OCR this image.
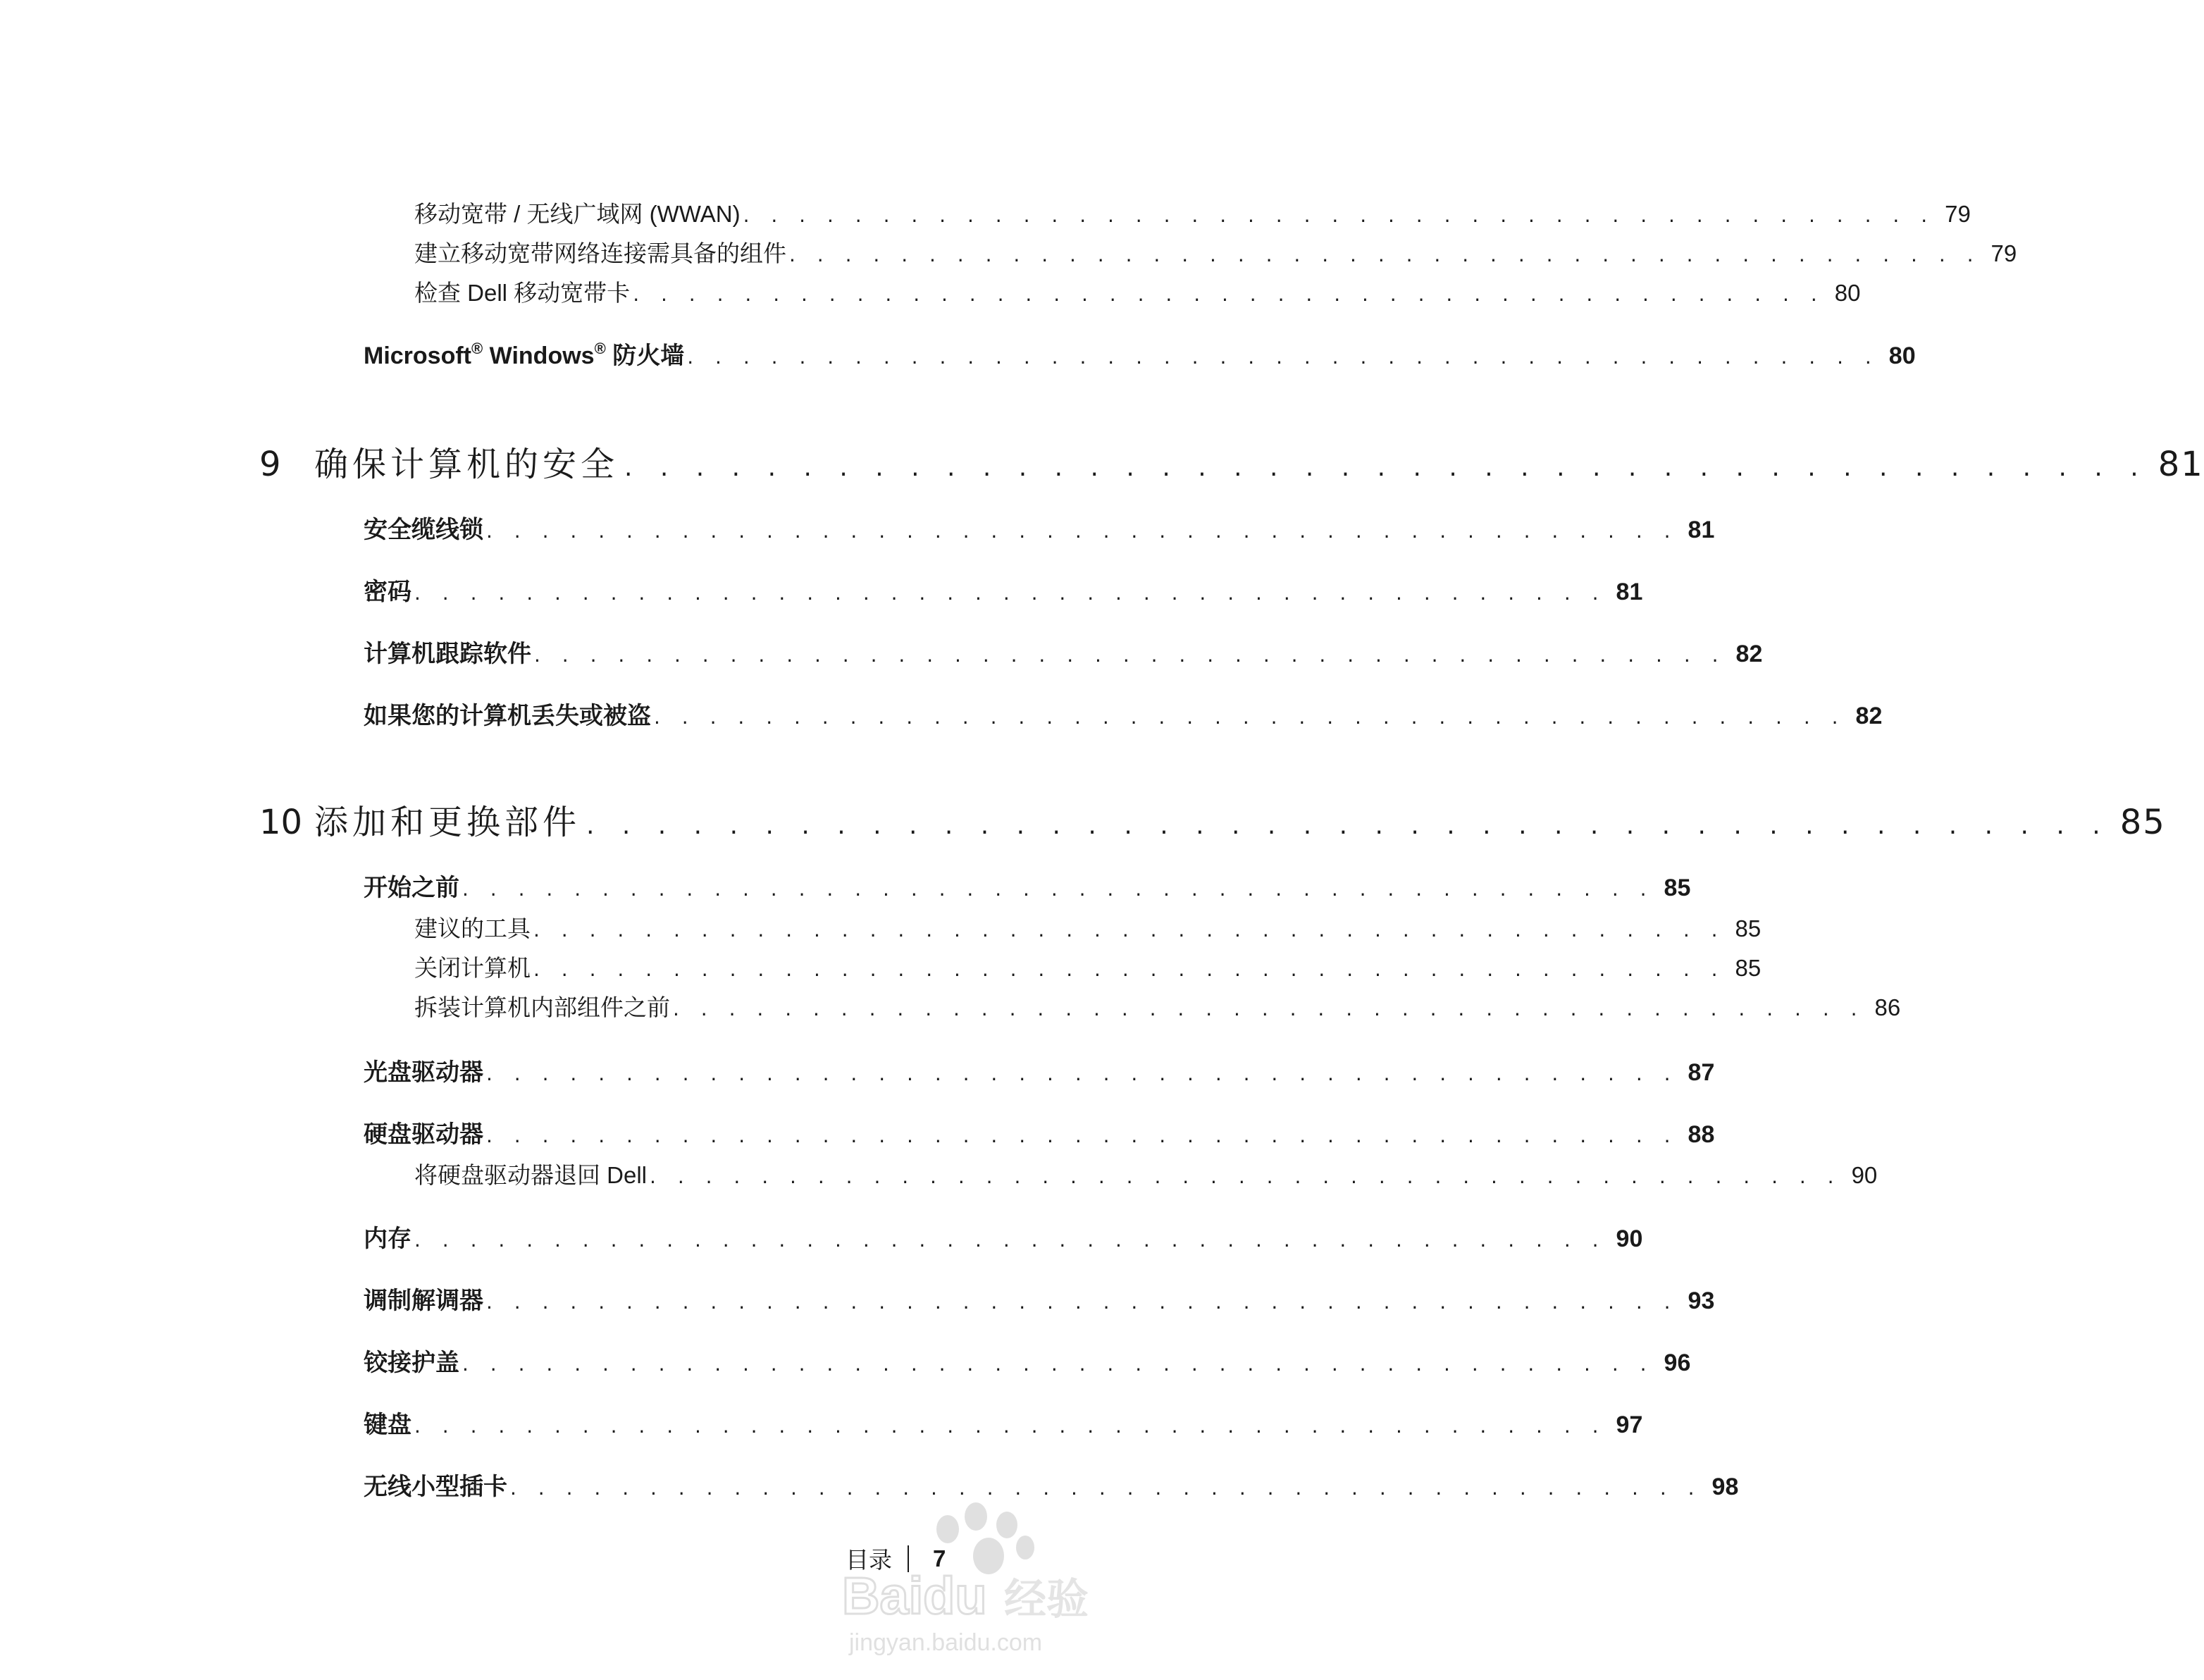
移动宽带 / 无线广域网 (WWAN) . . . . . . . . . . . . . . . . . . . . . . . . . . . . . . . . . . . . . . . . . . . 79
建立移动宽带网络连接需具备的组件 . . . . . . . . . . . . . . . . . . . . . . . . . . . . . . . . . . . . . . . . . . . 79
检查 Dell 移动宽带卡 . . . . . . . . . . . . . . . . . . . . . . . . . . . . . . . . . . . . . . . . . . . 80
Microsoft® Windows® 防火墙 . . . . . . . . . . . . . . . . . . . . . . . . . . . . . . . . . . . . . . . . . . . 80
9 确保计算机的安全 . . . . . . . . . . . . . . . . . . . . . . . . . . . . . . . . . . . . . . . . . . . 81
安全缆线锁 . . . . . . . . . . . . . . . . . . . . . . . . . . . . . . . . . . . . . . . . . . . 81
密码 . . . . . . . . . . . . . . . . . . . . . . . . . . . . . . . . . . . . . . . . . . . 81
计算机跟踪软件 . . . . . . . . . . . . . . . . . . . . . . . . . . . . . . . . . . . . . . . . . . . 82
如果您的计算机丢失或被盗 . . . . . . . . . . . . . . . . . . . . . . . . . . . . . . . . . . . . . . . . . . . 82
10 添加和更换部件 . . . . . . . . . . . . . . . . . . . . . . . . . . . . . . . . . . . . . . . . . . . 85
开始之前 . . . . . . . . . . . . . . . . . . . . . . . . . . . . . . . . . . . . . . . . . . . 85
建议的工具 . . . . . . . . . . . . . . . . . . . . . . . . . . . . . . . . . . . . . . . . . . . 85
关闭计算机 . . . . . . . . . . . . . . . . . . . . . . . . . . . . . . . . . . . . . . . . . . . 85
拆装计算机内部组件之前 . . . . . . . . . . . . . . . . . . . . . . . . . . . . . . . . . . . . . . . . . . . 86
光盘驱动器 . . . . . . . . . . . . . . . . . . . . . . . . . . . . . . . . . . . . . . . . . . . 87
硬盘驱动器 . . . . . . . . . . . . . . . . . . . . . . . . . . . . . . . . . . . . . . . . . . . 88
将硬盘驱动器退回 Dell . . . . . . . . . . . . . . . . . . . . . . . . . . . . . . . . . . . . . . . . . . . 90
内存 . . . . . . . . . . . . . . . . . . . . . . . . . . . . . . . . . . . . . . . . . . . 90
调制解调器 . . . . . . . . . . . . . . . . . . . . . . . . . . . . . . . . . . . . . . . . . . . 93
铰接护盖 . . . . . . . . . . . . . . . . . . . . . . . . . . . . . . . . . . . . . . . . . . . 96
键盘 . . . . . . . . . . . . . . . . . . . . . . . . . . . . . . . . . . . . . . . . . . . 97
无线小型插卡 . . . . . . . . . . . . . . . . . . . . . . . . . . . . . . . . . . . . . . . . . . . 98
目录 7
Baidu 经验
jingyan.baidu.com
